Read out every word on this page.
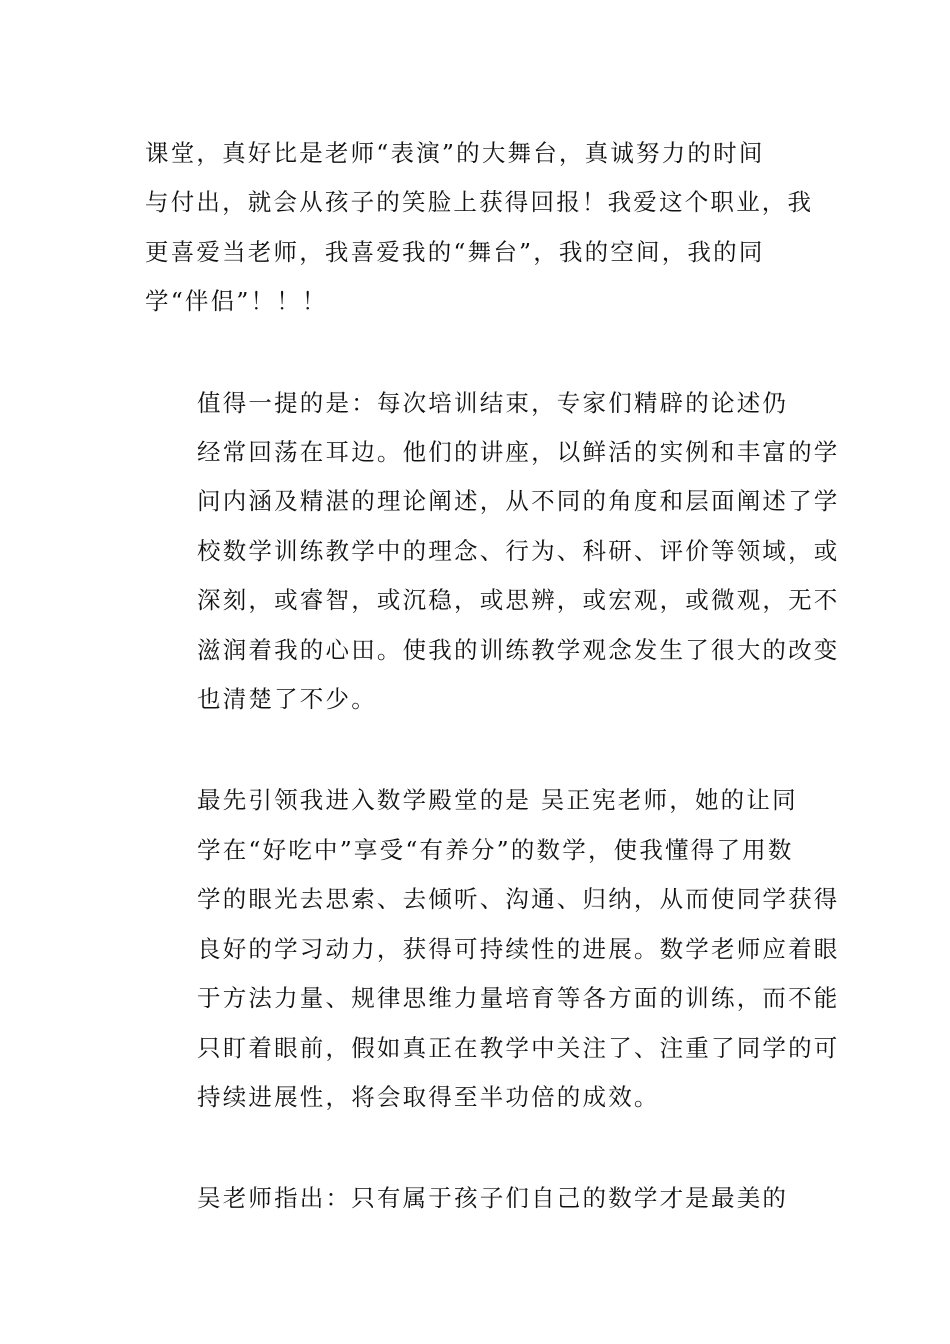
课堂，真好比是老师“表演”的大舞台，真诚努力的时间
与付出，就会从孩子的笑脸上获得回报！我爱这个职业，我
更喜爱当老师，我喜爱我的“舞台”，我的空间，我的同
学“伴侣”！！！

值得一提的是：每次培训结束，专家们精辟的论述仍
经常回荡在耳边。他们的讲座，以鲜活的实例和丰富的学
问内涵及精湛的理论阐述，从不同的角度和层面阐述了学
校数学训练教学中的理念、行为、科研、评价等领域，或
深刻，或睿智，或沉稳，或思辨，或宏观，或微观，无不
滋润着我的心田。使我的训练教学观念发生了很大的改变
也清楚了不少。

最先引领我进入数学殿堂的是 吴正宪老师，她的让同
学在“好吃中”享受“有养分”的数学，使我懂得了用数
学的眼光去思索、去倾听、沟通、归纳，从而使同学获得
良好的学习动力，获得可持续性的进展。数学老师应着眼
于方法力量、规律思维力量培育等各方面的训练，而不能
只盯着眼前，假如真正在教学中关注了、注重了同学的可
持续进展性，将会取得至半功倍的成效。

吴老师指出：只有属于孩子们自己的数学才是最美的
